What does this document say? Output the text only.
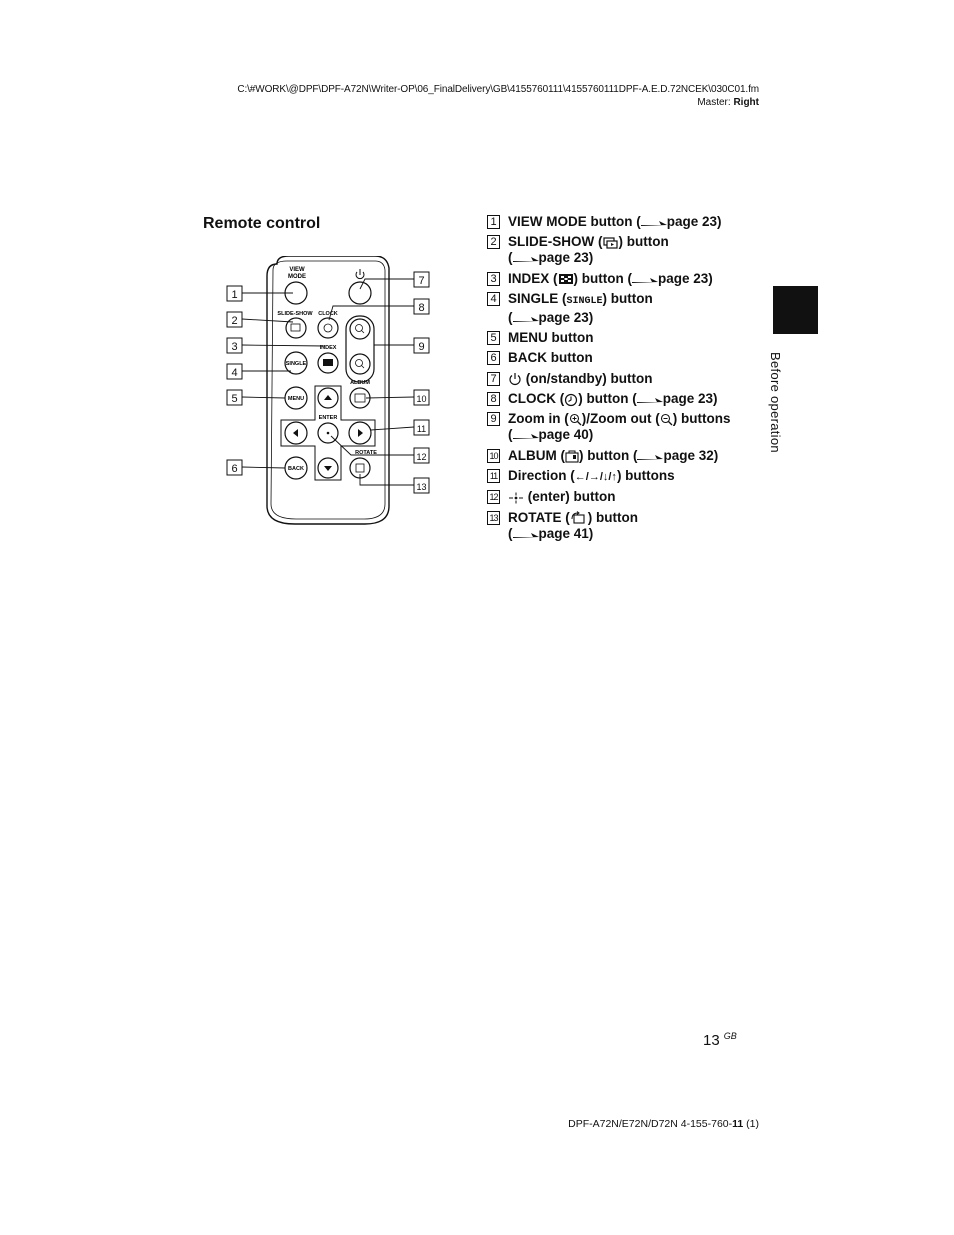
C:\#WORK\@DPF\DPF-A72N\Writer-OP\06_FinalDelivery\GB\4155760111\4155760111DPF-A.E.D.72NCEK\030C01.fm
Master: Right
Remote control
Before operation
VIEW
MODE
SLIDE-SHOW CLOCK
INDEX
ALBUM
ENTER
ROTATE
SINGLE
MENU
BACK
1
2
3
4
5
6
7
8
9
10
11
12
13
1 VIEW MODE button ( page 23)
2 SLIDE-SHOW ( ) button
( page 23)
3 INDEX ( ) button ( page 23)
4 SINGLE (SINGLE) button
( page 23)
5 MENU button
6 BACK button
7	(on/standby) button
8 CLOCK ( ) button ( page 23)
9 Zoom in ( )/Zoom out ( ) buttons
( page 40)
10 ALBUM ( ) button ( page 32)
11 Direction (←/→/↓/↑) buttons
12	(enter) button
13 ROTATE ( ) button
( page 41)
13 $^{GB}$
DPF-A72N/E72N/D72N 4-155-760-11 (1)
